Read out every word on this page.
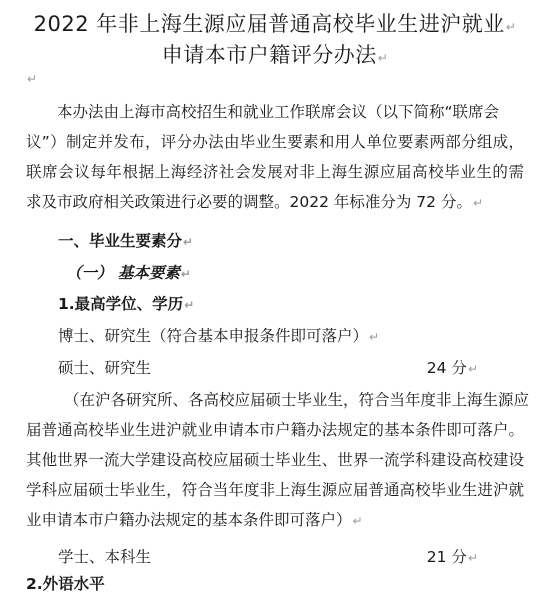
2022 年非上海生源应届普通高校毕业生进沪就业↵
申请本市户籍评分办法↵
↵
本办法由上海市高校招生和就业工作联席会议（以下简称“联席会
议”）制定并发布，评分办法由毕业生要素和用人单位要素两部分组成，
联席会议每年根据上海经济社会发展对非上海生源应届高校毕业生的需
求及市政府相关政策进行必要的调整。2022 年标准分为 72 分。↵
一、毕业生要素分↵
（一） 基本要素↵
1.最高学位、学历↵
博士、研究生（符合基本申报条件即可落户）↵
硕士、研究生	24 分↵
（在沪各研究所、各高校应届硕士毕业生，符合当年度非上海生源应
届普通高校毕业生进沪就业申请本市户籍办法规定的基本条件即可落户。
其他世界一流大学建设高校应届硕士毕业生、世界一流学科建设高校建设
学科应届硕士毕业生，符合当年度非上海生源应届普通高校毕业生进沪就
业申请本市户籍办法规定的基本条件即可落户）↵
学士、本科生	21 分↵
2.外语水平
